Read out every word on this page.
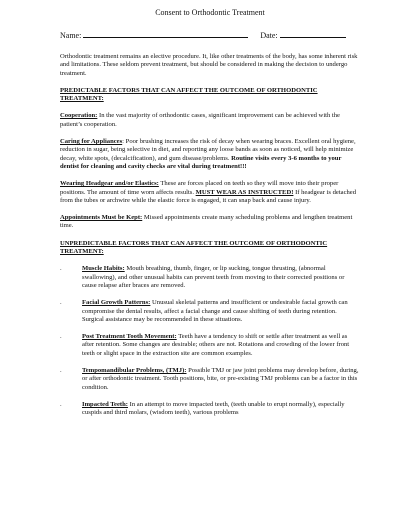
Consent to Orthodontic Treatment
Name:	Date:

Orthodontic treatment remains an elective procedure. It, like other treatments of the body, has some inherent risk and limitations. These seldom prevent treatment, but should be considered in making the decision to undergo treatment.

PREDICTABLE FACTORS THAT CAN AFFECT THE OUTCOME OF ORTHODONTIC TREATMENT:

Cooperation: In the vast majority of orthodontic cases, significant improvement can be achieved with the patient’s cooperation.

Caring for Appliances: Poor brushing increases the risk of decay when wearing braces. Excellent oral hygiene, reduction in sugar, being selective in diet, and reporting any loose bands as soon as noticed, will help minimize decay, white spots, (decalcification), and gum disease/problems. Routine visits every 3-6 months to your dentist for cleaning and cavity checks are vital during treatment!!!

Wearing Headgear and/or Elastics: These are forces placed on teeth so they will move into their proper positions. The amount of time worn affects results. MUST WEAR AS INSTRUCTED! If headgear is detached from the tubes or archwire while the elastic force is engaged, it can snap back and cause injury.

Appointments Must be Kept: Missed appointments create many scheduling problems and lengthen treatment time.

UNPREDICTABLE FACTORS THAT CAN AFFECT THE OUTCOME OF ORTHODONTIC TREATMENT:
.	Muscle Habits: Mouth breathing, thumb, finger, or lip sucking, tongue thrusting, (abnormal swallowing), and other unusual habits can prevent teeth from moving to their corrected positions or cause relapse after braces are removed.
.	Facial Growth Patterns: Unusual skeletal patterns and insufficient or undesirable facial growth can compromise the dental results, affect a facial change and cause shifting of teeth during retention. Surgical assistance may be recommended in these situations.
.	Post Treatment Tooth Movement: Teeth have a tendency to shift or settle after treatment as well as after retention. Some changes are desirable; others are not. Rotations and crowding of the lower front teeth or slight space in the extraction site are common examples.
.	Tempomandibular Problems, (TMJ): Possible TMJ or jaw joint problems may develop before, during, or after orthodontic treatment. Tooth positions, bite, or pre-existing TMJ problems can be a factor in this condition.
.	Impacted Teeth: In an attempt to move impacted teeth, (teeth unable to erupt normally), especially cuspids and third molars, (wisdom teeth), various problems
